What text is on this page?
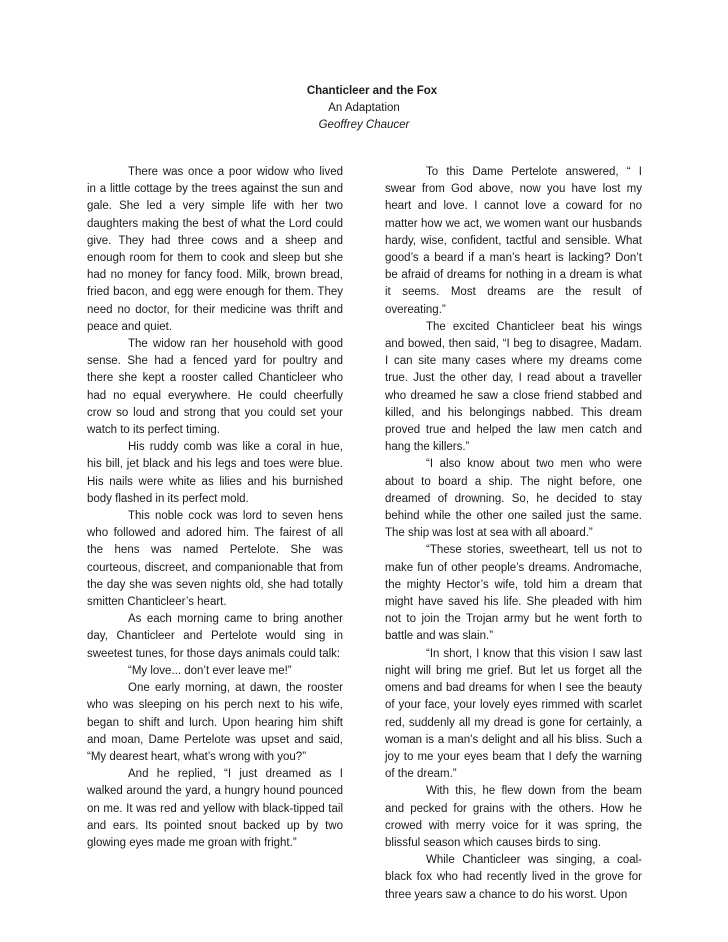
Chanticleer and the Fox
An Adaptation
Geoffrey Chaucer

There was once a poor widow who lived in a little cottage by the trees against the sun and gale. She led a very simple life with her two daughters making the best of what the Lord could give. They had three cows and a sheep and enough room for them to cook and sleep but she had no money for fancy food. Milk, brown bread, fried bacon, and egg were enough for them. They need no doctor, for their medicine was thrift and peace and quiet.

The widow ran her household with good sense. She had a fenced yard for poultry and there she kept a rooster called Chanticleer who had no equal everywhere. He could cheerfully crow so loud and strong that you could set your watch to its perfect timing.

His ruddy comb was like a coral in hue, his bill, jet black and his legs and toes were blue. His nails were white as lilies and his burnished body flashed in its perfect mold.

This noble cock was lord to seven hens who followed and adored him. The fairest of all the hens was named Pertelote. She was courteous, discreet, and companionable that from the day she was seven nights old, she had totally smitten Chanticleer’s heart.

As each morning came to bring another day, Chanticleer and Pertelote would sing in sweetest tunes, for those days animals could talk:

“My love... don’t ever leave me!”

One early morning, at dawn, the rooster who was sleeping on his perch next to his wife, began to shift and lurch. Upon hearing him shift and moan, Dame Pertelote was upset and said, “My dearest heart, what’s wrong with you?”

And he replied, “I just dreamed as I walked around the yard, a hungry hound pounced on me. It was red and yellow with black-tipped tail and ears. Its pointed snout backed up by two glowing eyes made me groan with fright.”

To this Dame Pertelote answered, “ I swear from God above, now you have lost my heart and love. I cannot love a coward for no matter how we act, we women want our husbands hardy, wise, confident, tactful and sensible. What good’s a beard if a man’s heart is lacking? Don’t be afraid of dreams for nothing in a dream is what it seems. Most dreams are the result of overeating.”

The excited Chanticleer beat his wings and bowed, then said, “I beg to disagree, Madam. I can site many cases where my dreams come true. Just the other day, I read about a traveller who dreamed he saw a close friend stabbed and killed, and his belongings nabbed. This dream proved true and helped the law men catch and hang the killers.”

“I also know about two men who were about to board a ship. The night before, one dreamed of drowning. So, he decided to stay behind while the other one sailed just the same. The ship was lost at sea with all aboard.”

“These stories, sweetheart, tell us not to make fun of other people’s dreams. Andromache, the mighty Hector’s wife, told him a dream that might have saved his life. She pleaded with him not to join the Trojan army but he went forth to battle and was slain.”

“In short, I know that this vision I saw last night will bring me grief. But let us forget all the omens and bad dreams for when I see the beauty of your face, your lovely eyes rimmed with scarlet red, suddenly all my dread is gone for certainly, a woman is a man’s delight and all his bliss. Such a joy to me your eyes beam that I defy the warning of the dream.”

With this, he flew down from the beam and pecked for grains with the others. How he crowed with merry voice for it was spring, the blissful season which causes birds to sing.

While Chanticleer was singing, a coal-black fox who had recently lived in the grove for three years saw a chance to do his worst. Upon
